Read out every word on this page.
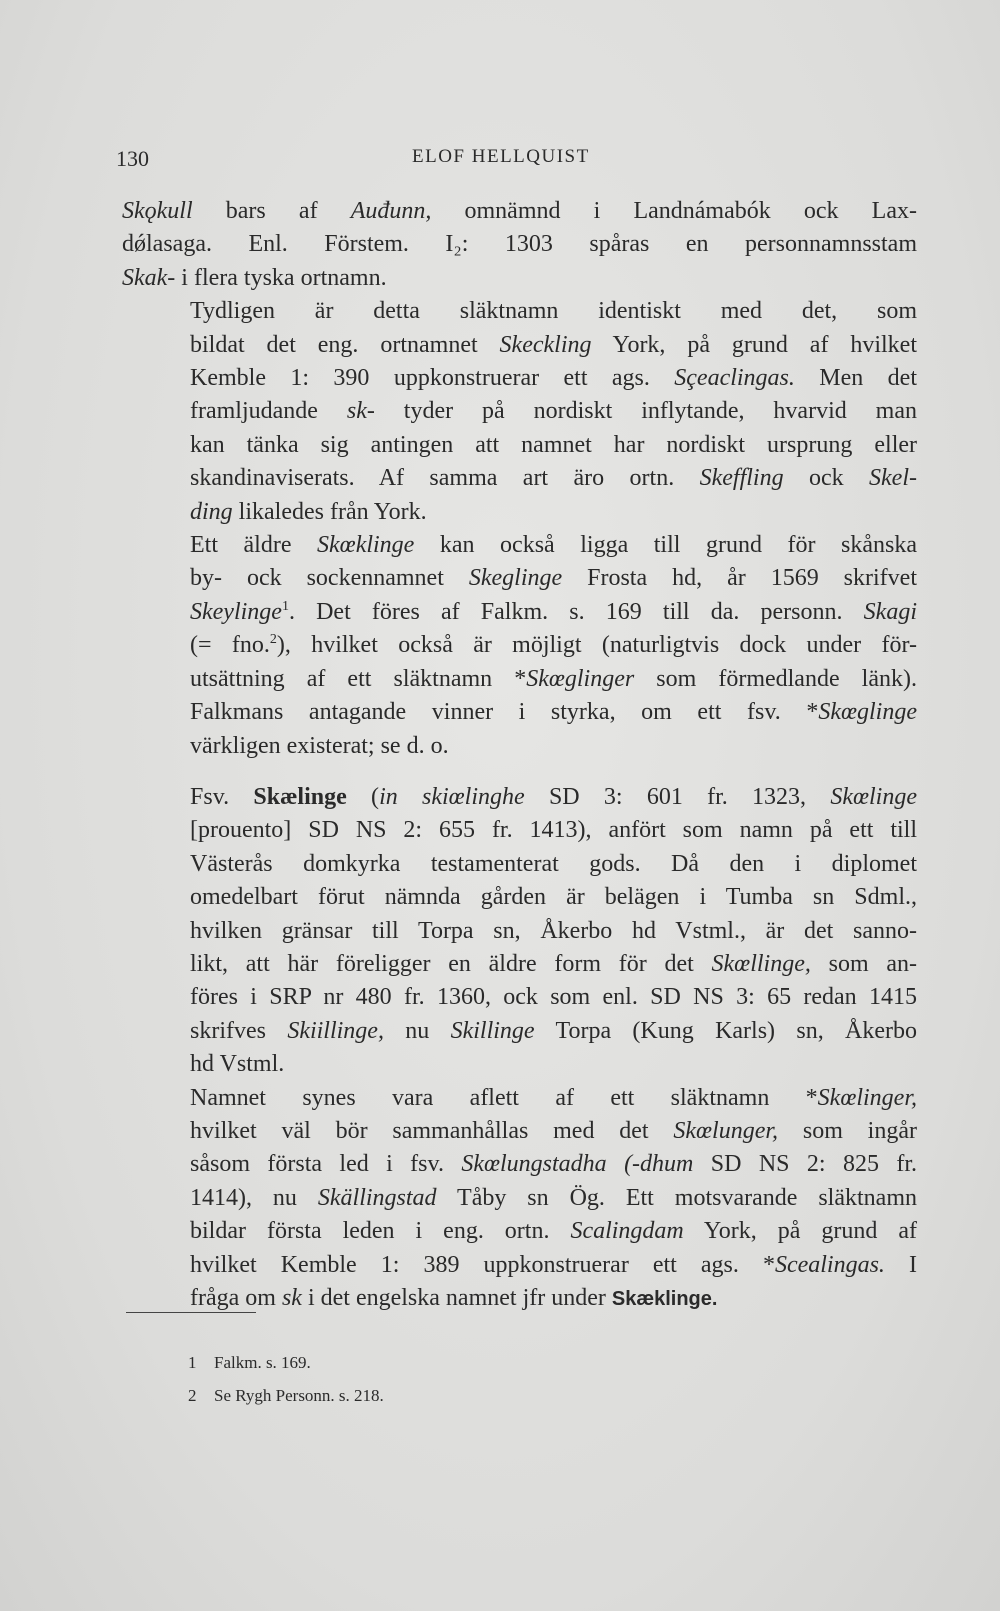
130	ELOF HELLQUIST

Skǫkull bars af Auđunn, omnämnd i Landnámabók ock Lax-
dǿlasaga. Enl. Förstem. I₂: 1303 spåras en personnamnsstam
Skak- i flera tyska ortnamn.

Tydligen är detta släktnamn identiskt med det, som
bildat det eng. ortnamnet Skeckling York, på grund af hvilket
Kemble 1: 390 uppkonstruerar ett ags. Sçeaclingas. Men det
framljudande sk- tyder på nordiskt inflytande, hvarvid man
kan tänka sig antingen att namnet har nordiskt ursprung eller
skandinaviserats. Af samma art äro ortn. Skeffling ock Skel-
ding likaledes från York.

Ett äldre Skœklinge kan också ligga till grund för skånska
by- ock sockennamnet Skeglinge Frosta hd, år 1569 skrifvet
Skeylinge$^1$. Det föres af Falkm. s. 169 till da. personn. Skagi
(= fno.$^2$), hvilket också är möjligt (naturligtvis dock under för-
utsättning af ett släktnamn *Skœglinger som förmedlande länk).
Falkmans antagande vinner i styrka, om ett fsv. *Skœglinge
värkligen existerat; se d. o.

Fsv. Skælinge (in skiœlinghe SD 3: 601 fr. 1323, Skœlinge
[prouento] SD NS 2: 655 fr. 1413), anfört som namn på ett till
Västerås domkyrka testamenterat gods. Då den i diplomet
omedelbart förut nämnda gården är belägen i Tumba sn Sdml.,
hvilken gränsar till Torpa sn, Åkerbo hd Vstml., är det sanno-
likt, att här föreligger en äldre form för det Skœllinge, som an-
föres i SRP nr 480 fr. 1360, ock som enl. SD NS 3: 65 redan 1415
skrifves Skiillinge, nu Skillinge Torpa (Kung Karls) sn, Åkerbo
hd Vstml.

Namnet synes vara aflett af ett släktnamn *Skœlinger,
hvilket väl bör sammanhållas med det Skœlunger, som ingår
såsom första led i fsv. Skœlungstadha (-dhum SD NS 2: 825 fr.
1414), nu Skällingstad Tåby sn Ög. Ett motsvarande släktnamn
bildar första leden i eng. ortn. Scalingdam York, på grund af
hvilket Kemble 1: 389 uppkonstruerar ett ags. *Scealingas. I
fråga om sk i det engelska namnet jfr under Skæklinge.

1 Falkm. s. 169.
2 Se Rygh Personn. s. 218.
